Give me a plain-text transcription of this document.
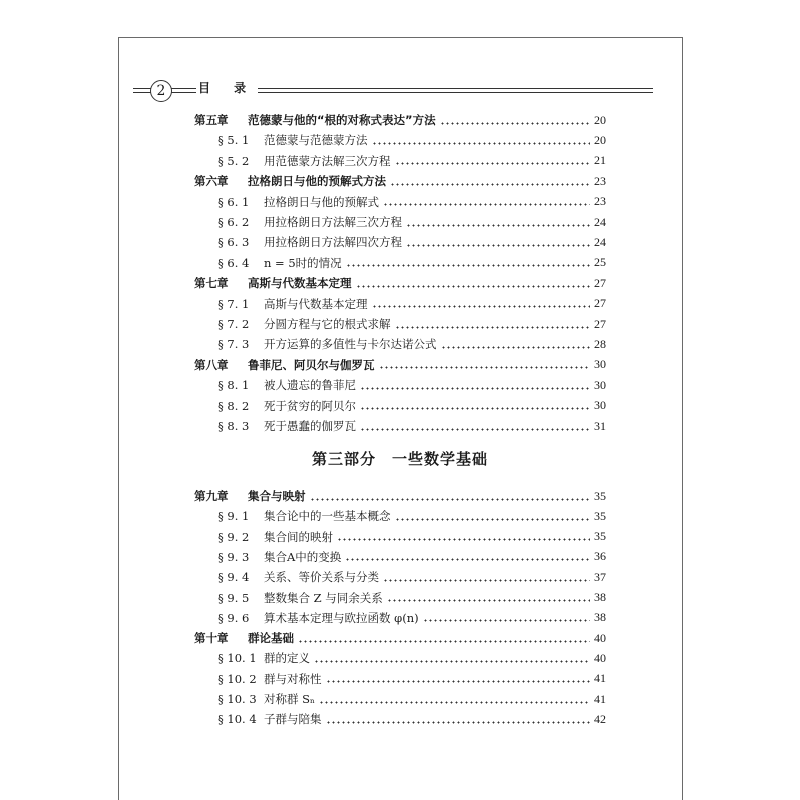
2	目 录
第五章	范德蒙与他的“根的对称式表达”方法	20
§ 5. 1	范德蒙与范德蒙方法	20
§ 5. 2	用范德蒙方法解三次方程	21
第六章	拉格朗日与他的预解式方法	23
§ 6. 1	拉格朗日与他的预解式	23
§ 6. 2	用拉格朗日方法解三次方程	24
§ 6. 3	用拉格朗日方法解四次方程	24
§ 6. 4	n = 5时的情况	25
第七章	高斯与代数基本定理	27
§ 7. 1	高斯与代数基本定理	27
§ 7. 2	分圆方程与它的根式求解	27
§ 7. 3	开方运算的多值性与卡尔达诺公式	28
第八章	鲁菲尼、阿贝尔与伽罗瓦	30
§ 8. 1	被人遗忘的鲁菲尼	30
§ 8. 2	死于贫穷的阿贝尔	30
§ 8. 3	死于愚蠢的伽罗瓦	31
第三部分 一些数学基础
第九章	集合与映射	35
§ 9. 1	集合论中的一些基本概念	35
§ 9. 2	集合间的映射	35
§ 9. 3	集合A中的变换	36
§ 9. 4	关系、等价关系与分类	37
§ 9. 5	整数集合 Z 与同余关系	38
§ 9. 6	算术基本定理与欧拉函数 φ(n)	38
第十章	群论基础	40
§ 10. 1 群的定义	40
§ 10. 2 群与对称性	41
§ 10. 3 对称群 Sₙ	41
§ 10. 4 子群与陪集	42
